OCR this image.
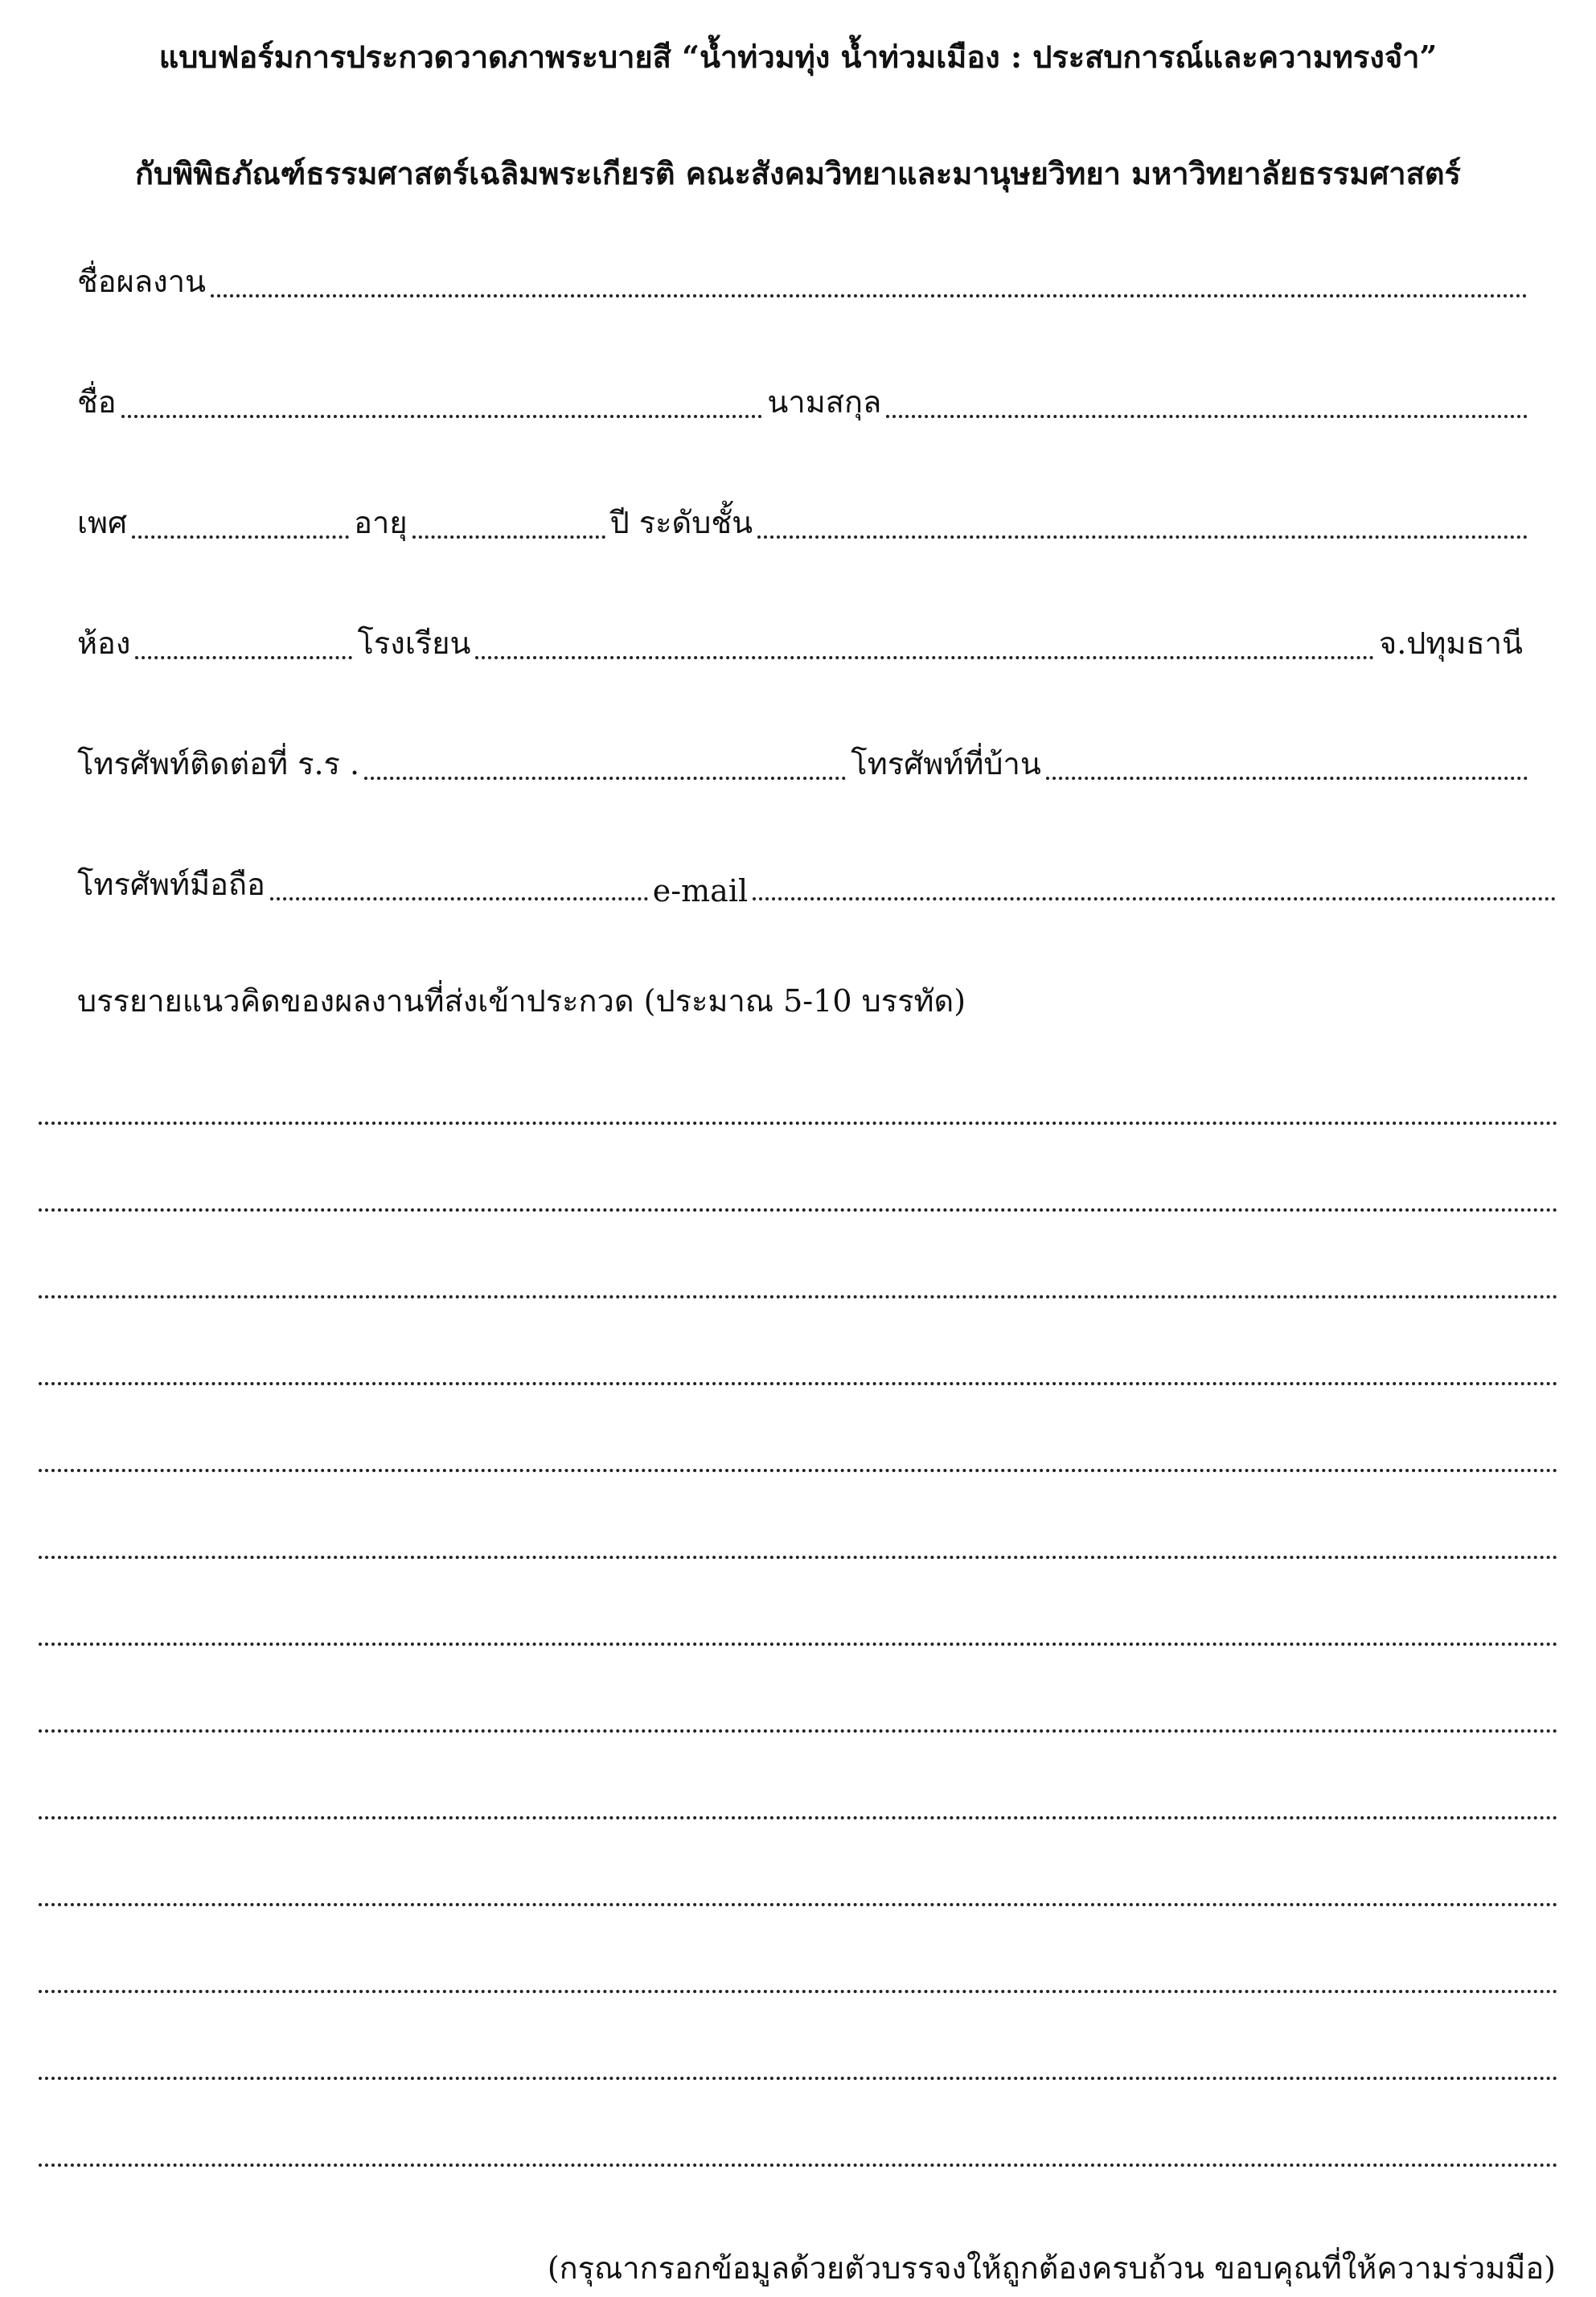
แบบฟอร์มการประกวดวาดภาพระบายสี “น้ำท่วมทุ่ง น้ำท่วมเมือง : ประสบการณ์และความทรงจำ”
กับพิพิธภัณฑ์ธรรมศาสตร์เฉลิมพระเกียรติ คณะสังคมวิทยาและมานุษยวิทยา มหาวิทยาลัยธรรมศาสตร์
ชื่อผลงาน
ชื่อ	นามสกุล
เพศ	อายุ	ปี ระดับชั้น
ห้อง	โรงเรียน	จ.ปทุมธานี
โทรศัพท์ติดต่อที่ ร.ร .	โทรศัพท์ที่บ้าน
โทรศัพท์มือถือ	e-mail
บรรยายแนวคิดของผลงานที่ส่งเข้าประกวด (ประมาณ 5-10 บรรทัด)
(กรุณากรอกข้อมูลด้วยตัวบรรจงให้ถูกต้องครบถ้วน ขอบคุณที่ให้ความร่วมมือ)
